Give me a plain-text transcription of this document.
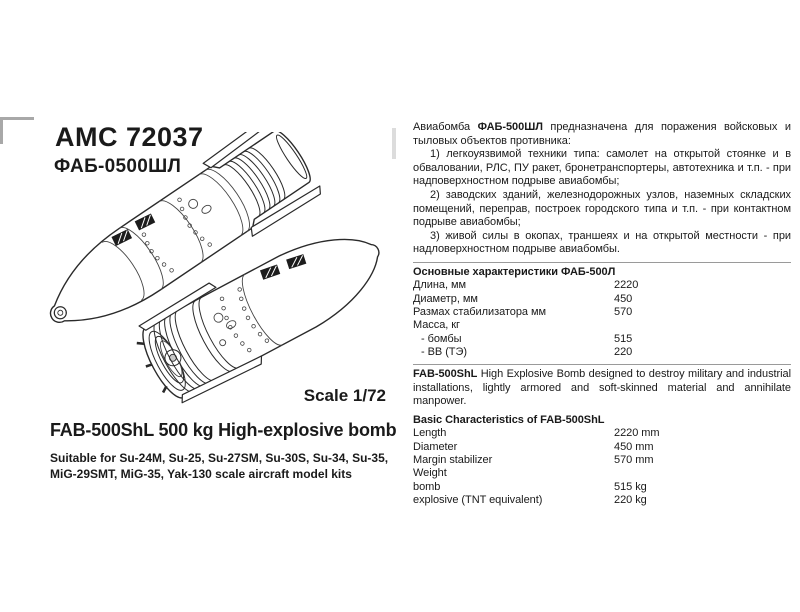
AMC 72037
ФАБ-0500ШЛ
Scale 1/72
FAB-500ShL 500 kg High-explosive bomb
Suitable for Su-24M, Su-25, Su-27SM, Su-30S, Su-34, Su-35, MiG-29SMT, MiG-35, Yak-130 scale aircraft model kits

Авиабомба ФАБ-500ШЛ предназначена для поражения войсковых и тыловых объектов противника:

1) легкоуязвимой техники типа: самолет на открытой стоянке и в обваловании, РЛС, ПУ ракет, бронетранспортеры, автотехника и т.п. - при надповерхностном подрыве авиабомбы;

2) заводских зданий, железнодорожных узлов, наземных складских помещений, переправ, построек городского типа и т.п. - при контактном подрыве авиабомбы;

3) живой силы в окопах, траншеях и на открытой местности - при надловерхностном подрыве авиабомбы.

Основные характеристики ФАБ-500Л
Длина, мм	2220
Диаметр, мм	450
Размах стабилизатора мм	570
Масса, кг
- бомбы	515
- ВВ (ТЭ)	220

FAB-500ShL High Explosive Bomb designed to destroy military and industrial installations, lightly armored and soft-skinned material and annihilate manpower.

Basic Characteristics of FAB-500ShL
Length	2220 mm
Diameter	450 mm
Margin stabilizer	570 mm
Weight
bomb	515 kg
explosive (TNT equivalent)	220 kg
